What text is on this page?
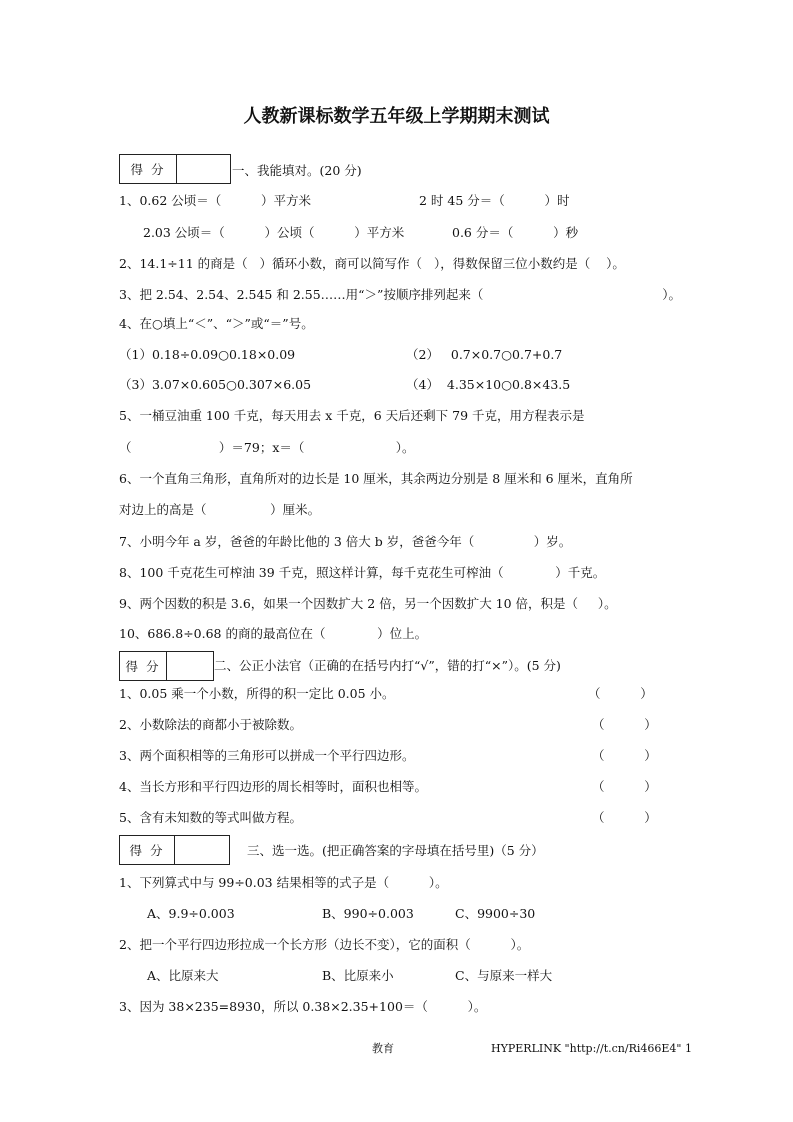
人教新课标数学五年级上学期期末测试
得 分	一、我能填对。(20 分)
1、0.62 公顷＝（          ）平方米	2 时 45 分＝（          ）时
2.03 公顷＝（          ）公顷（          ）平方米	0.6 分＝（          ）秒
2、14.1÷11 的商是（   ）循环小数，商可以简写作（   ），得数保留三位小数约是（    ）。
3、把 2.54、2.54、2.545 和 2.55……用“＞”按顺序排列起来（                                             ）。
4、在○填上“＜”、“＞”或“＝”号。
（1）0.18÷0.09○0.18×0.09	（2）   0.7×0.7○0.7+0.7
（3）3.07×0.605○0.307×6.05	（4）  4.35×10○0.8×43.5
5、一桶豆油重 100 千克，每天用去 x 千克，6 天后还剩下 79 千克，用方程表示是
（                      ）＝79；x＝（                       ）。
6、一个直角三角形，直角所对的边长是 10 厘米，其余两边分别是 8 厘米和 6 厘米，直角所
对边上的高是（                ）厘米。
7、小明今年 a 岁，爸爸的年龄比他的 3 倍大 b 岁，爸爸今年（               ）岁。
8、100 千克花生可榨油 39 千克，照这样计算，每千克花生可榨油（             ）千克。
9、两个因数的积是 3.6，如果一个因数扩大 2 倍，另一个因数扩大 10 倍，积是（     ）。
10、686.8÷0.68 的商的最高位在（             ）位上。
得 分	二、公正小法官（正确的在括号内打“√”，错的打“×”）。(5 分)
1、0.05 乘一个小数，所得的积一定比 0.05 小。	（          ）
2、小数除法的商都小于被除数。	（          ）
3、两个面积相等的三角形可以拼成一个平行四边形。	（          ）
4、当长方形和平行四边形的周长相等时，面积也相等。	（          ）
5、含有未知数的等式叫做方程。	（          ）
得 分	三、选一选。(把正确答案的字母填在括号里)（5 分）
1、下列算式中与 99÷0.03 结果相等的式子是（          ）。
A、9.9÷0.003	B、990÷0.003	C、9900÷30
2、把一个平行四边形拉成一个长方形（边长不变），它的面积（          ）。
A、比原来大	B、比原来小	C、与原来一样大
3、因为 38×235=8930，所以 0.38×2.35+100＝（          ）。
教育	HYPERLINK "http://t.cn/Ri466E4" 1
